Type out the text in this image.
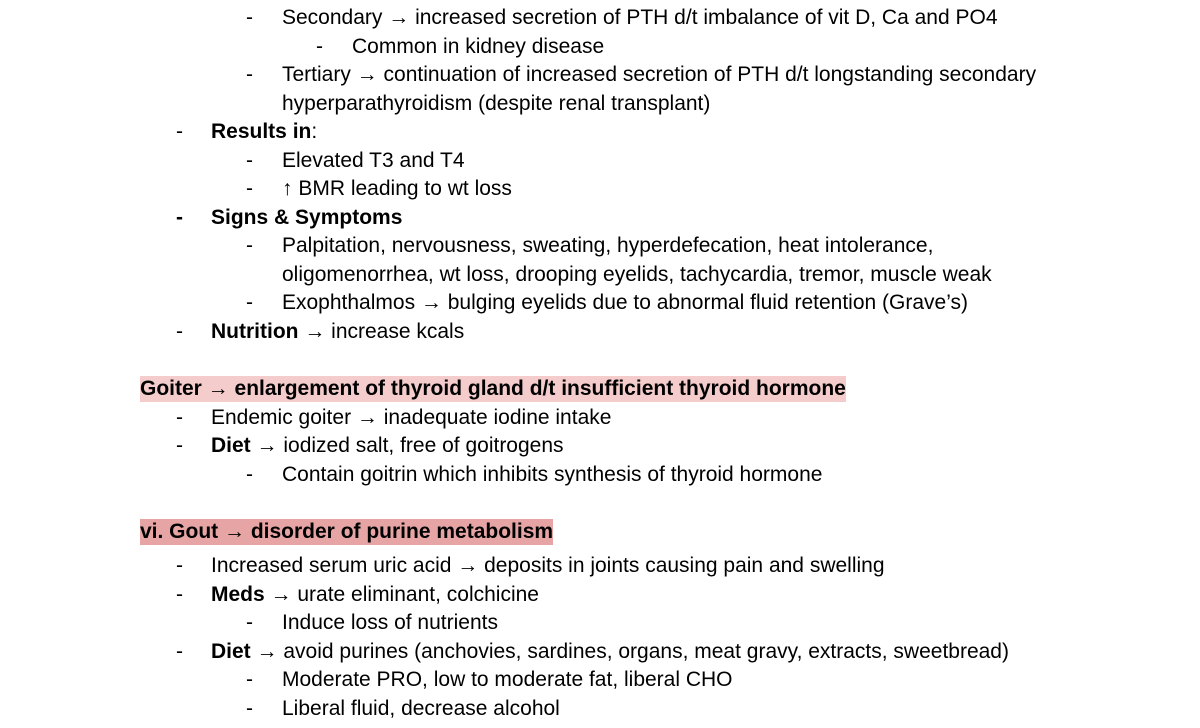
- Secondary → increased secretion of PTH d/t imbalance of vit D, Ca and PO4
- Common in kidney disease
- Tertiary → continuation of increased secretion of PTH d/t longstanding secondary
hyperparathyroidism (despite renal transplant)
- Results in:
- Elevated T3 and T4
- ↑ BMR leading to wt loss
- Signs & Symptoms
- Palpitation, nervousness, sweating, hyperdefecation, heat intolerance,
oligomenorrhea, wt loss, drooping eyelids, tachycardia, tremor, muscle weak
- Exophthalmos → bulging eyelids due to abnormal fluid retention (Grave’s)
- Nutrition → increase kcals
Goiter → enlargement of thyroid gland d/t insufficient thyroid hormone
- Endemic goiter → inadequate iodine intake
- Diet → iodized salt, free of goitrogens
- Contain goitrin which inhibits synthesis of thyroid hormone
vi. Gout → disorder of purine metabolism
- Increased serum uric acid → deposits in joints causing pain and swelling
- Meds → urate eliminant, colchicine
- Induce loss of nutrients
- Diet → avoid purines (anchovies, sardines, organs, meat gravy, extracts, sweetbread)
- Moderate PRO, low to moderate fat, liberal CHO
- Liberal fluid, decrease alcohol
